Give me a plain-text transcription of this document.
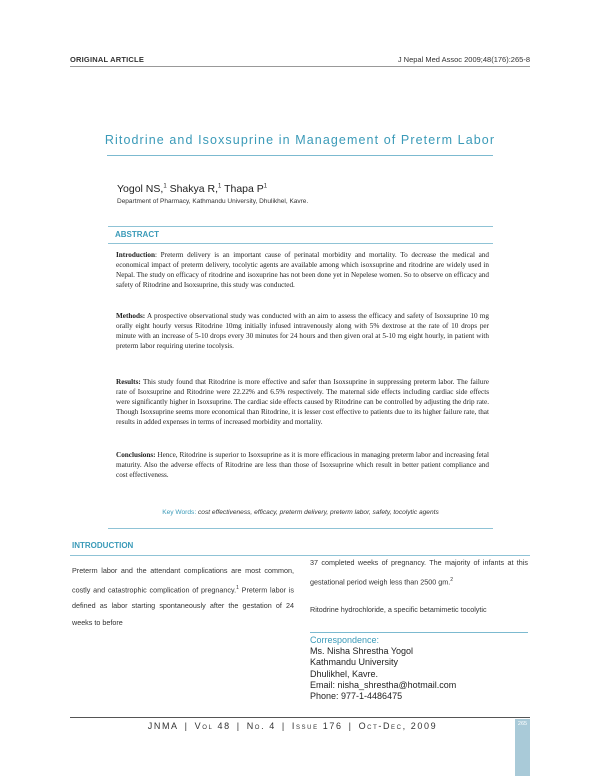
ORIGINAL ARTICLE	J Nepal Med Assoc 2009;48(176):265-8
Ritodrine and Isoxsuprine in Management of Preterm Labor
Yogol NS,$^1$ Shakya R,$^1$ Thapa $P^1$
Department of Pharmacy, Kathmandu University, Dhulikhel, Kavre.
ABSTRACT
Introduction: Preterm delivery is an important cause of perinatal morbidity and mortality. To decrease the medical and economical impact of preterm delivery, tocolytic agents are available among which isoxsuprine and ritodrine are widely used in Nepal. The study on efficacy of ritodrine and isoxuprine has not been done yet in Nepelese women. So to observe on efficacy and safety of Ritodrine and Isoxsuprine, this study was conducted.
Methods: A prospective observational study was conducted with an aim to assess the efficacy and safety of Isoxsuprine 10 mg orally eight hourly versus Ritodrine 10mg initially infused intravenously along with 5% dextrose at the rate of 10 drops per minute with an increase of 5-10 drops every 30 minutes for 24 hours and then given oral at 5-10 mg eight hourly, in patient with preterm labor requiring uterine tocolysis.
Results: This study found that Ritodrine is more effective and safer than Isoxsuprine in suppressing preterm labor. The failure rate of Isoxsuprine and Ritodrine were 22.22% and 6.5% respectively. The maternal side effects including cardiac side effects were significantly higher in Isoxsuprine. The cardiac side effects caused by Ritodrine can be controlled by adjusting the drip rate. Though Isoxsuprine seems more economical than Ritodrine, it is lesser cost effective to patients due to its higher failure rate, that results in added expenses in terms of increased morbidity and mortality.
Conclusions: Hence, Ritodrine is superior to Isoxsuprine as it is more efficacious in managing preterm labor and increasing fetal maturity. Also the adverse effects of Ritodrine are less than those of Isoxsuprine which result in better patient compliance and cost effectiveness.
Key Words: cost effectiveness, efficacy, preterm delivery, preterm labor, safety, tocolytic agents
INTRODUCTION
Preterm labor and the attendant complications are most common, costly and catastrophic complication of pregnancy.$^1$ Preterm labor is defined as labor starting spontaneously after the gestation of 24 weeks to before
37 completed weeks of pregnancy. The majority of infants at this gestational period weigh less than 2500 gm.$^2$
Ritodrine hydrochloride, a specific betamimetic tocolytic
Correspondence:
Ms. Nisha Shrestha Yogol
Kathmandu University
Dhulikhel, Kavre.
Email: nisha_shrestha@hotmail.com
Phone: 977-1-4486475
JNMA | Vol 48 | No. 4 | Issue 176 | Oct-Dec, 2009	265
